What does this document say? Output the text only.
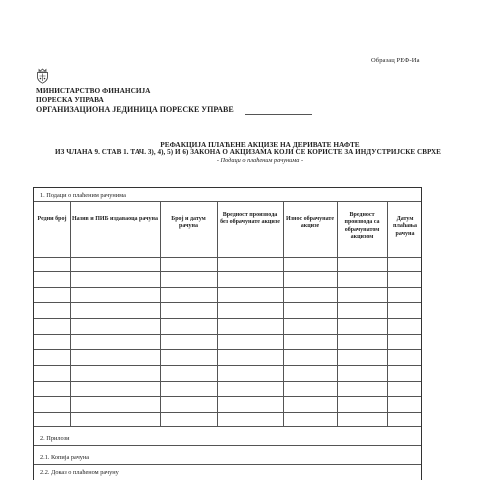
Образац РЕФ-Иа
МИНИСТАРСТВО ФИНАНСИЈА
ПОРЕСКА УПРАВА
ОРГАНИЗАЦИОНА ЈЕДИНИЦА ПОРЕСКЕ УПРАВЕ
РЕФАКЦИЈА ПЛАЋЕНЕ АКЦИЗЕ НА ДЕРИВАТЕ НАФТЕ
ИЗ ЧЛАНА 9. СТАВ 1. ТАЧ. 3), 4), 5) И 6) ЗАКОНА О АКЦИЗАМА КОЈИ СЕ КОРИСТЕ ЗА ИНДУСТРИЈСКЕ СВРХЕ
- Подаци о плаћеним рачунима -
1. Подаци о плаћеним рачунима
Редни број Назив и ПИБ издаваоца рачуна	Број и датум рачуна
Вредност произвoда без обрачунате акцизе
Износ обрачунате акцизе
Вредност производа са обрачунатом акцизом
Датум плаћања рачуна
2. Прилози
2.1. Копија рачуна
2.2. Доказ о плаћеном рачуну
